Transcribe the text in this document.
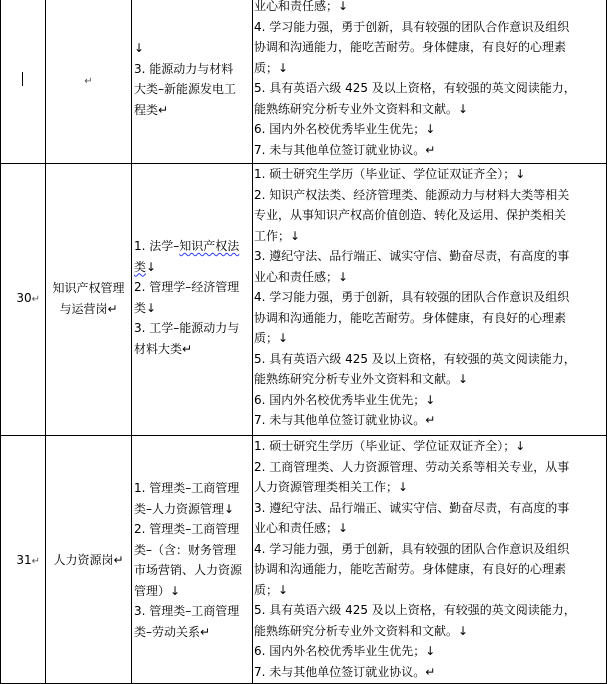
↵
↓
3. 能源动力与材料
大类–新能源发电工
程类↵
业心和责任感；↓
4. 学习能力强，勇于创新，具有较强的团队合作意识及组织
协调和沟通能力，能吃苦耐劳。身体健康，有良好的心理素
质；↓
5. 具有英语六级 425 及以上资格，有较强的英文阅读能力，
能熟练研究分析专业外文资料和文献。↓
6. 国内外名校优秀毕业生优先；↓
7. 未与其他单位签订就业协议。↵
30↵
知识产权管理
与运营岗↵
1. 法学–知识产权法
类↓
2. 管理学–经济管理
类↓
3. 工学–能源动力与
材料大类↵
1. 硕士研究生学历（毕业证、学位证双证齐全）；↓
2. 知识产权法类、经济管理类、能源动力与材料大类等相关
专业，从事知识产权高价值创造、转化及运用、保护类相关
工作；↓
3. 遵纪守法、品行端正、诚实守信、勤奋尽责，有高度的事
业心和责任感；↓
4. 学习能力强，勇于创新，具有较强的团队合作意识及组织
协调和沟通能力，能吃苦耐劳。身体健康，有良好的心理素
质；↓
5. 具有英语六级 425 及以上资格，有较强的英文阅读能力，
能熟练研究分析专业外文资料和文献。↓
6. 国内外名校优秀毕业生优先；↓
7. 未与其他单位签订就业协议。↵
31↵	人力资源岗↵
1. 管理类–工商管理
类–人力资源管理↓
2. 管理类–工商管理
类–（含：财务管理
市场营销、人力资源
管理）↓
3. 管理类–工商管理
类–劳动关系↵
1. 硕士研究生学历（毕业证、学位证双证齐全）；↓
2. 工商管理类、人力资源管理、劳动关系等相关专业，从事
人力资源管理类相关工作；↓
3. 遵纪守法、品行端正、诚实守信、勤奋尽责，有高度的事
业心和责任感；↓
4. 学习能力强，勇于创新，具有较强的团队合作意识及组织
协调和沟通能力，能吃苦耐劳。身体健康，有良好的心理素
质；↓
5. 具有英语六级 425 及以上资格，有较强的英文阅读能力，
能熟练研究分析专业外文资料和文献。↓
6. 国内外名校优秀毕业生优先；↓
7. 未与其他单位签订就业协议。↵
